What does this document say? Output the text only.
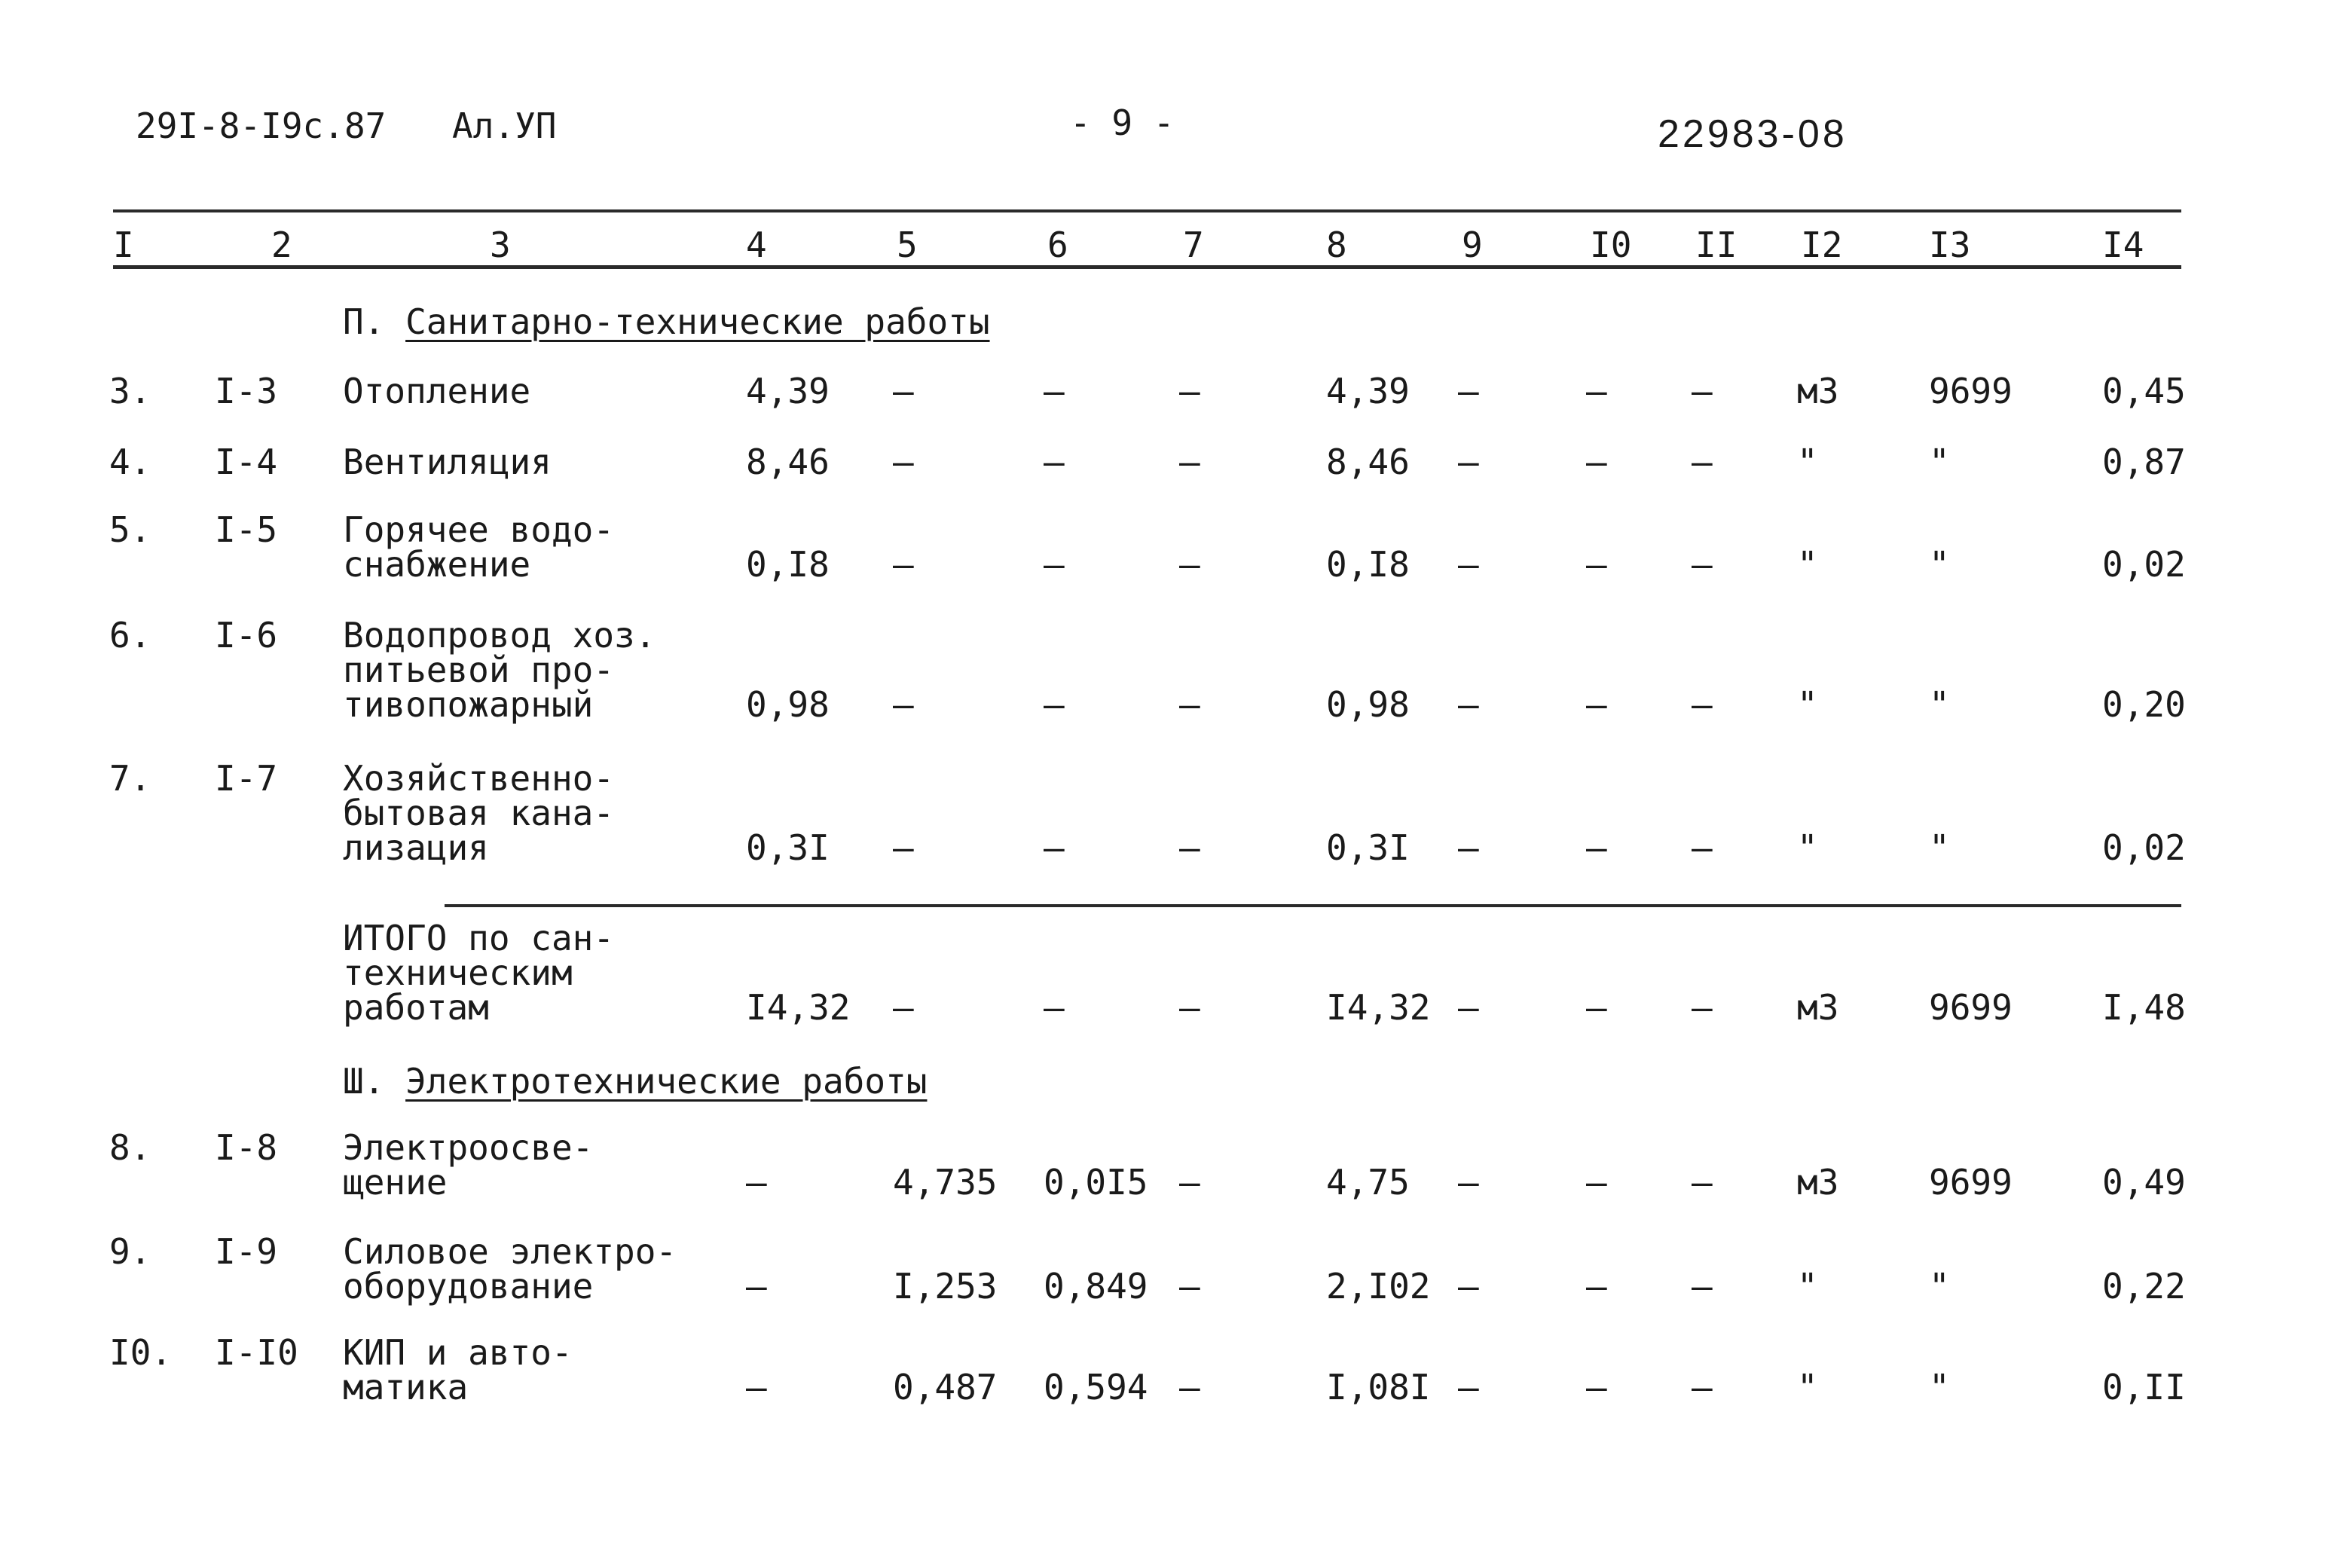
29I-8-I9c.87 Ал.УП	- 9 -	22983-08
I	2	3	4	5	6	7	8	9	I0 II I2 I3	I4
П. Санитарно-технические работы
3. I-3 Отопление	4,39 –	–	–	4,39 –	– – м3	9699	0,45
4. I-4 Вентиляция	8,46 –	–	–	8,46 –	– – "	"	0,87
5. I-5 Горячее водо-
снабжение	0,I8 –	–	–	0,I8 –	– – "	"	0,02
6. I-6 Водопровод хоз.
питьевой про-
тивопожарный	0,98 –	–	–	0,98 –	– – "	"	0,20
7. I-7 Хозяйственно-
бытовая кана-
лизация	0,3I –	–	–	0,3I –	– – "	"	0,02
ИТОГО по сан-
техническим
работам	I4,32 –	–	–	I4,32 –	– – м3	9699	I,48
Ш. Электротехнические работы
8. I-8 Электроосве-
щение	–	4,735 0,0I5 –	4,75 –	– – м3	9699	0,49
9. I-9 Силовое электро-
оборудование	–	I,253 0,849 –	2,I02 –	– – "	"	0,22
I0. I-I0 КИП и авто-
матика	–	0,487 0,594 –	I,08I –	– – "	"	0,II
